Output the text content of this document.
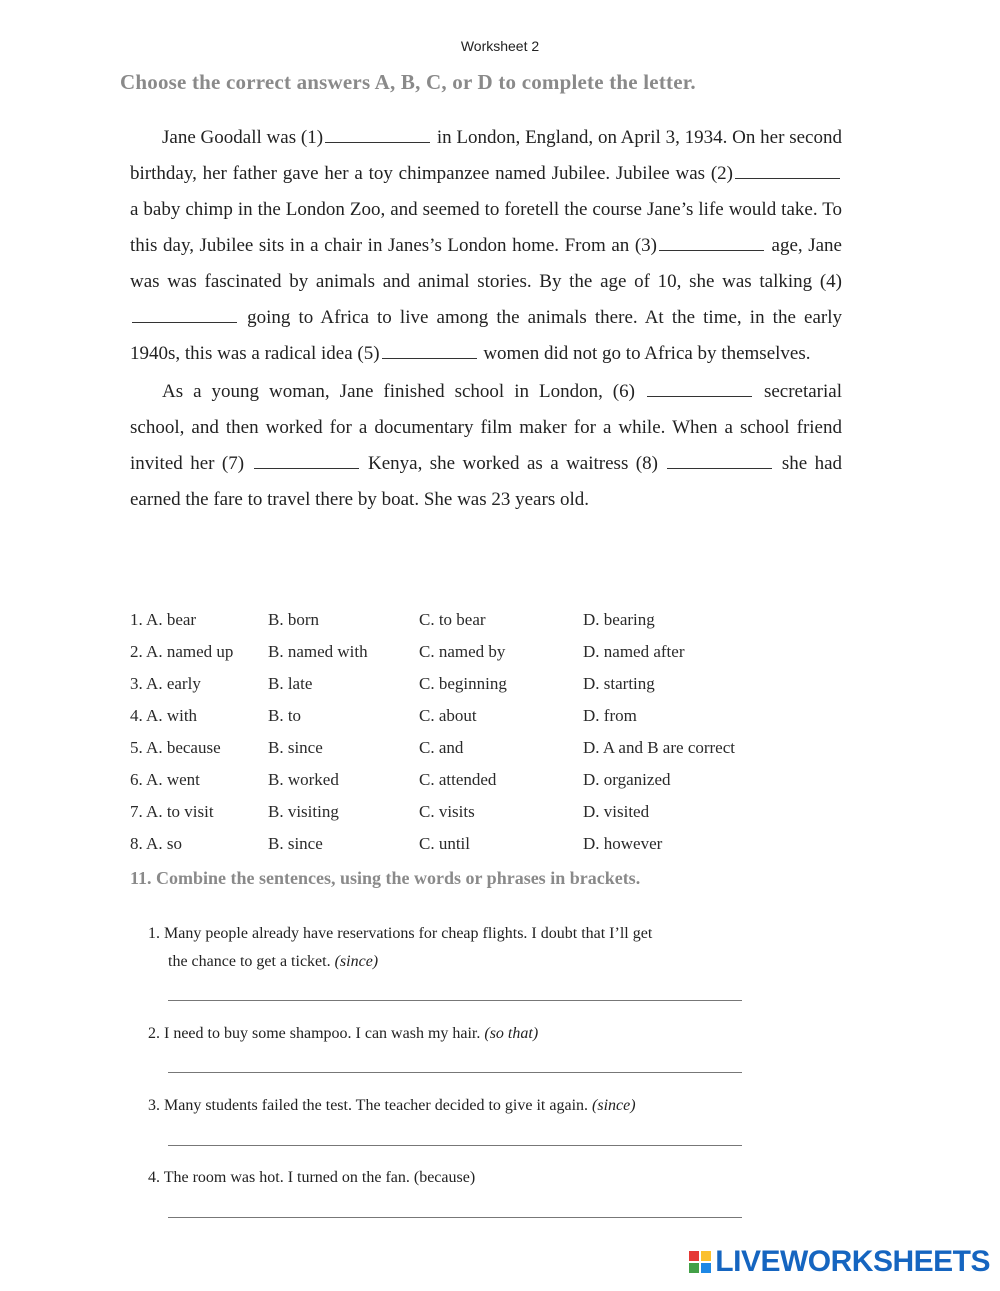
Worksheet 2
Choose the correct answers A, B, C, or D to complete the letter.

Jane Goodall was (1)	in London, England, on April 3, 1934. On her second birthday, her father gave her a toy chimpanzee named Jubilee. Jubilee was (2) a baby chimp in the London Zoo, and seemed to foretell the course Jane’s life would take. To this day, Jubilee sits in a chair in Janes’s London home. From an (3)	age, Jane was was fascinated by animals and animal stories. By the age of 10, she was talking (4) going to Africa to live among the animals there. At the time, in the early 1940s, this was a radical idea (5)	women did not go to Africa by themselves.

As a young woman, Jane finished school in London, (6)	secretarial school, and then worked for a documentary film maker for a while. When a school friend invited her (7)	Kenya, she worked as a waitress (8)	she had earned the fare to travel there by boat. She was 23 years old.

1. A. bear	B. born	C. to bear	D. bearing
2. A. named up B. named with	C. named by	D. named after
3. A. early	B. late	C. beginning	D. starting
4. A. with	B. to	C. about	D. from
5. A. because	B. since	C. and	D. A and B are correct
6. A. went	B. worked	C. attended	D. organized
7. A. to visit	B. visiting	C. visits	D. visited
8. A. so	B. since	C. until	D. however
11. Combine the sentences, using the words or phrases in brackets.
1. Many people already have reservations for cheap flights. I doubt that I’ll get
the chance to get a ticket. (since)
2. I need to buy some shampoo. I can wash my hair. (so that)
3. Many students failed the test. The teacher decided to give it again. (since)
4. The room was hot. I turned on the fan. (because)
LIVEWORKSHEETS
